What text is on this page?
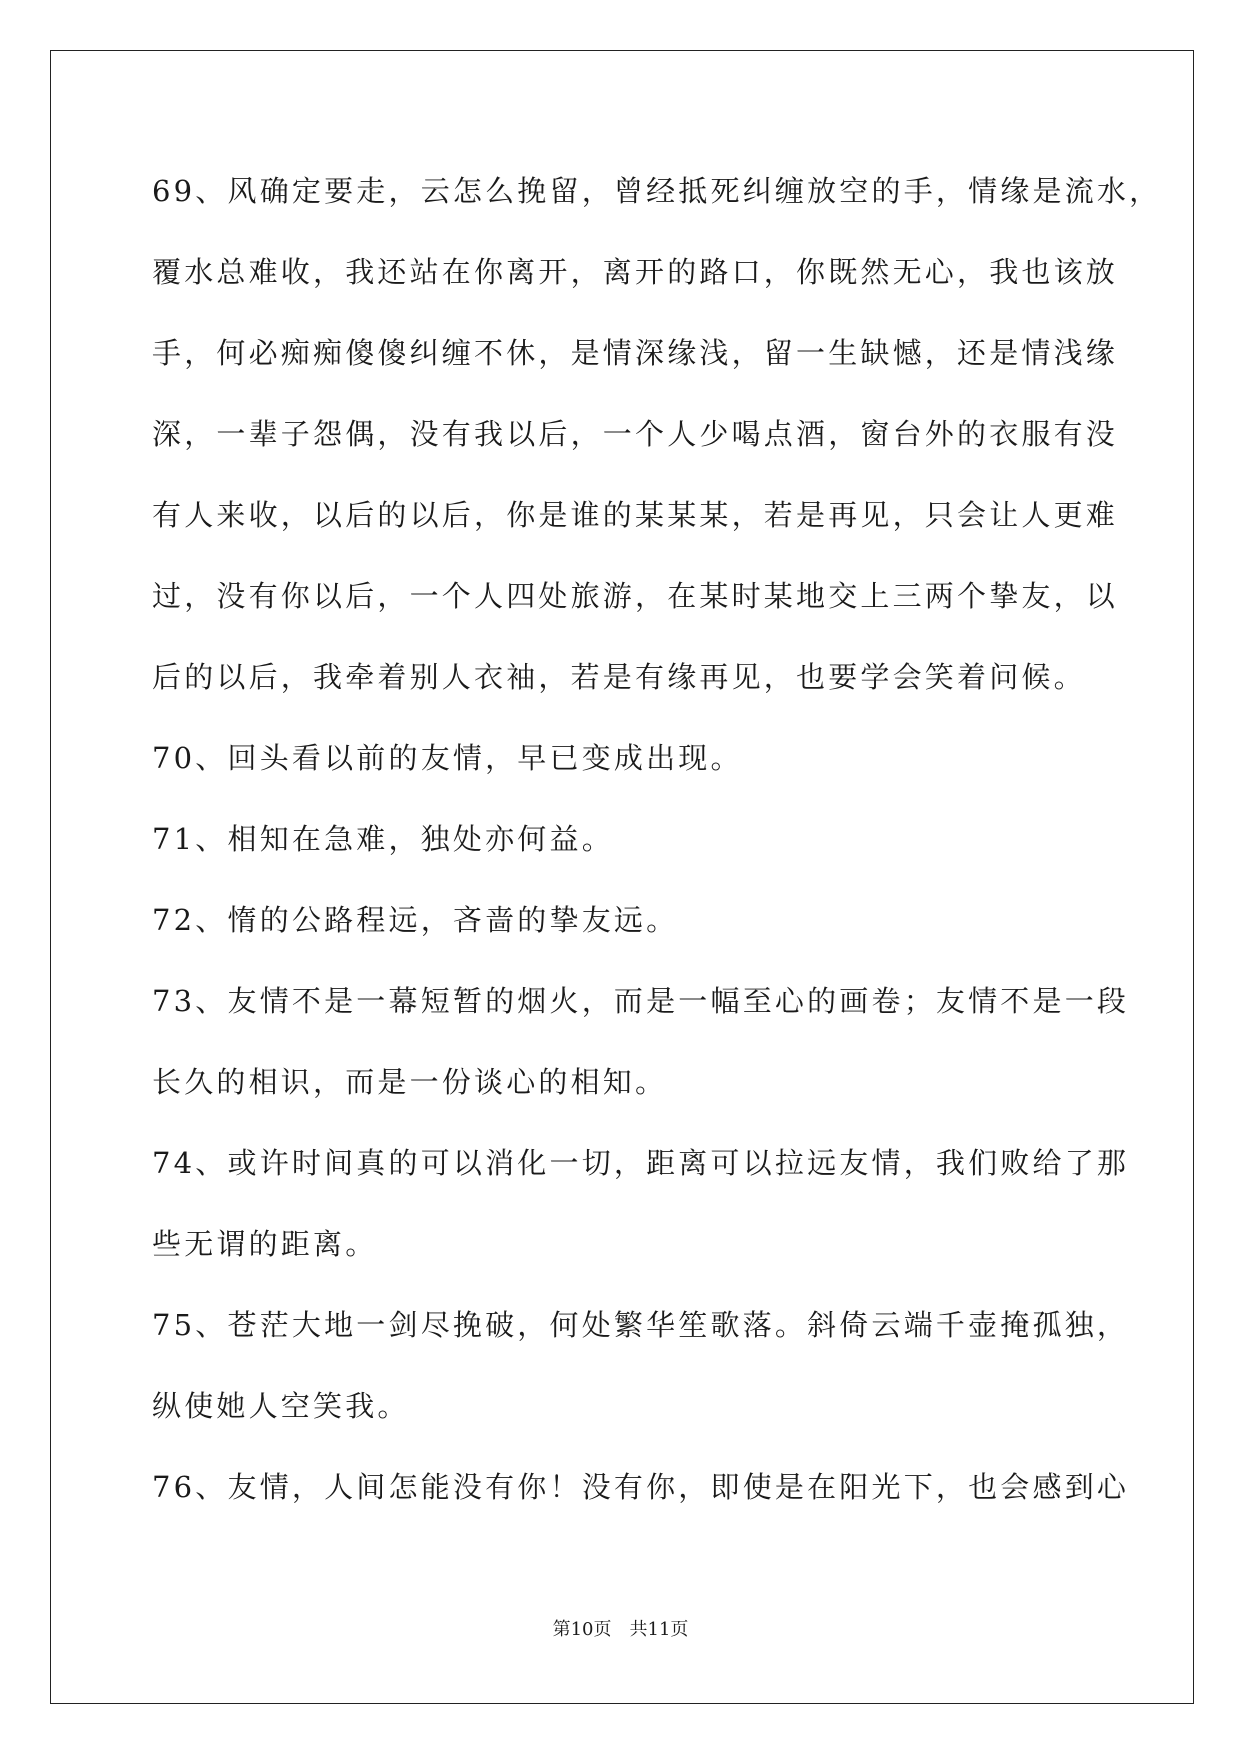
69、风确定要走，云怎么挽留，曾经抵死纠缠放空的手，情缘是流水，
覆水总难收，我还站在你离开，离开的路口，你既然无心，我也该放
手，何必痴痴傻傻纠缠不休，是情深缘浅，留一生缺憾，还是情浅缘
深，一辈子怨偶，没有我以后，一个人少喝点酒，窗台外的衣服有没
有人来收，以后的以后，你是谁的某某某，若是再见，只会让人更难
过，没有你以后，一个人四处旅游，在某时某地交上三两个挚友，以
后的以后，我牵着别人衣袖，若是有缘再见，也要学会笑着问候。
70、回头看以前的友情，早已变成出现。
71、相知在急难，独处亦何益。
72、惰的公路程远，吝啬的挚友远。
73、友情不是一幕短暂的烟火，而是一幅至心的画卷；友情不是一段
长久的相识，而是一份谈心的相知。
74、或许时间真的可以消化一切，距离可以拉远友情，我们败给了那
些无谓的距离。
75、苍茫大地一剑尽挽破，何处繁华笙歌落。斜倚云端千壶掩孤独，
纵使她人空笑我。
76、友情，人间怎能没有你！没有你，即使是在阳光下，也会感到心
第10页 共11页
